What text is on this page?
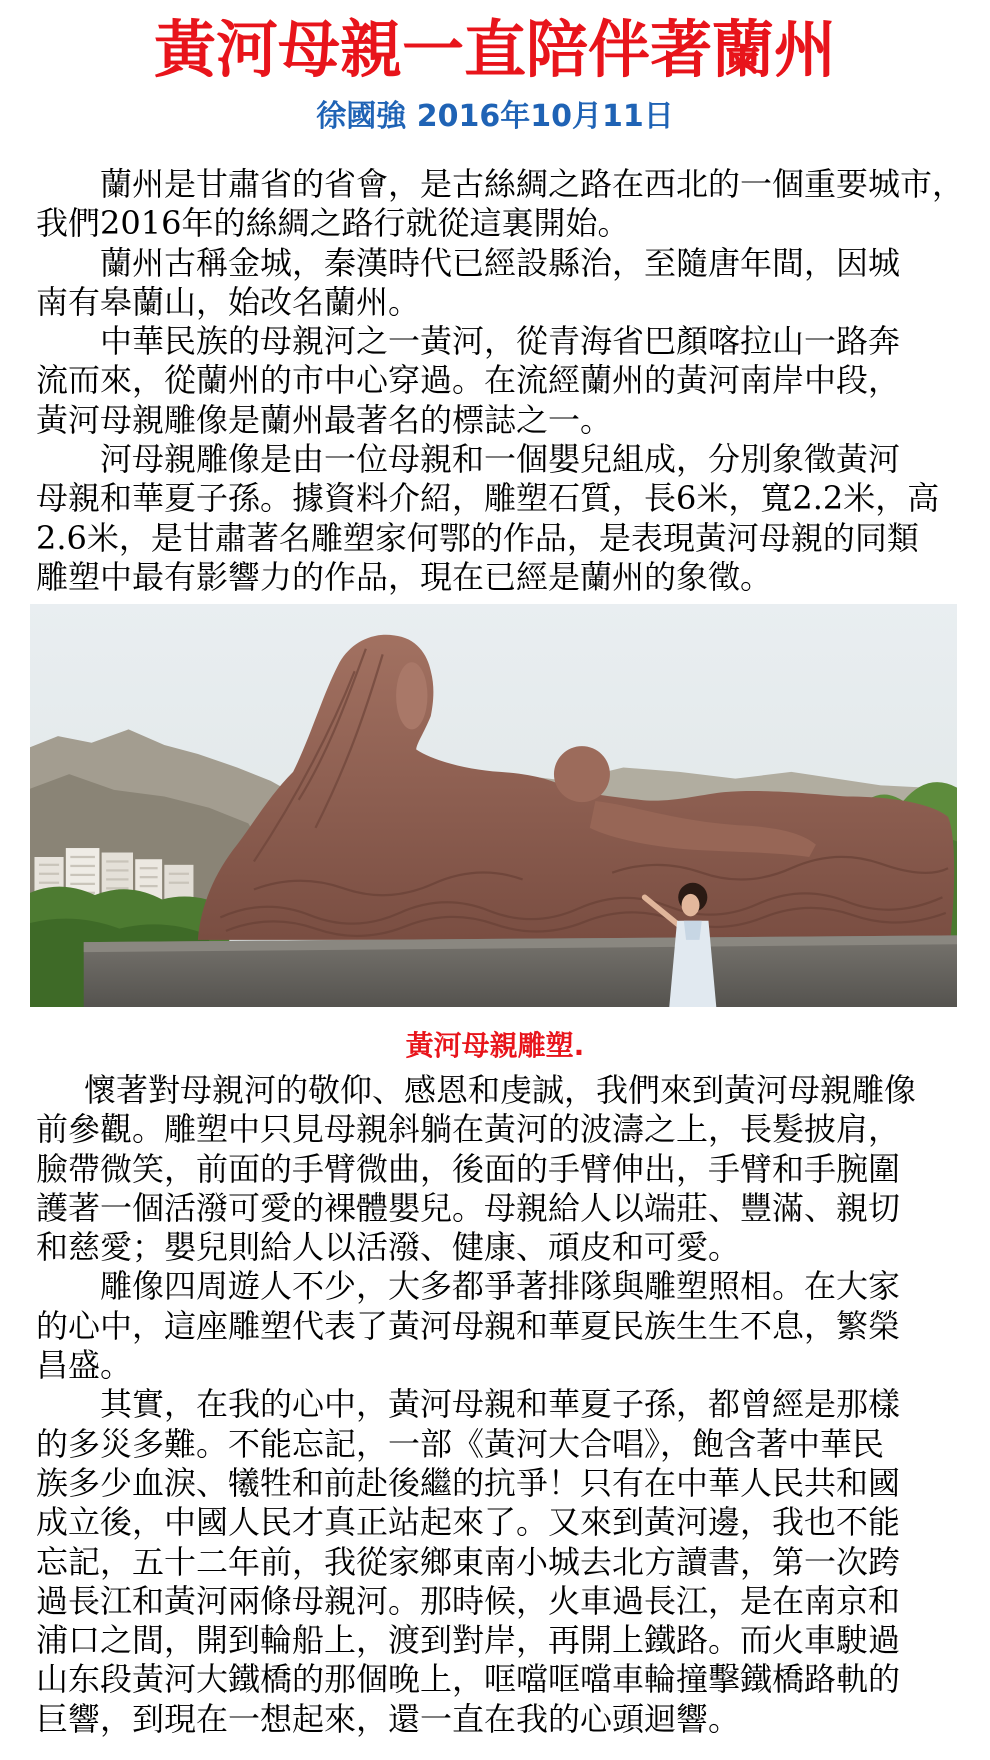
黃河母親一直陪伴著蘭州
徐國強 2016年10月11日
蘭州是甘肅省的省會，是古絲綢之路在西北的一個重要城市，
我們2016年的絲綢之路行就從這裏開始。
蘭州古稱金城，秦漢時代已經設縣治，至隨唐年間，因城
南有皋蘭山，始改名蘭州。
中華民族的母親河之一黃河，從青海省巴顏喀拉山一路奔
流而來，從蘭州的市中心穿過。在流經蘭州的黃河南岸中段，
黃河母親雕像是蘭州最著名的標誌之一。
河母親雕像是由一位母親和一個嬰兒組成，分別象徵黃河
母親和華夏子孫。據資料介紹，雕塑石質，長6米，寬2.2米，高
2.6米，是甘肅著名雕塑家何鄂的作品，是表現黃河母親的同類
雕塑中最有影響力的作品，現在已經是蘭州的象徵。
黃河母親雕塑.
懷著對母親河的敬仰、感恩和虔誠，我們來到黃河母親雕像
前參觀。雕塑中只見母親斜躺在黃河的波濤之上，長髮披肩，
臉帶微笑，前面的手臂微曲，後面的手臂伸出，手臂和手腕圍
護著一個活潑可愛的裸體嬰兒。母親給人以端莊、豐滿、親切
和慈愛；嬰兒則給人以活潑、健康、頑皮和可愛。
雕像四周遊人不少，大多都爭著排隊與雕塑照相。在大家
的心中，這座雕塑代表了黃河母親和華夏民族生生不息，繁榮
昌盛。
其實，在我的心中，黃河母親和華夏子孫，都曾經是那樣
的多災多難。不能忘記，一部《黃河大合唱》，飽含著中華民
族多少血淚、犧牲和前赴後繼的抗爭！只有在中華人民共和國
成立後，中國人民才真正站起來了。又來到黃河邊，我也不能
忘記，五十二年前，我從家鄉東南小城去北方讀書，第一次跨
過長江和黃河兩條母親河。那時候，火車過長江，是在南京和
浦口之間，開到輪船上，渡到對岸，再開上鐵路。而火車駛過
山东段黃河大鐵橋的那個晚上，哐噹哐噹車輪撞擊鐵橋路軌的
巨響，到現在一想起來，還一直在我的心頭迴響。
